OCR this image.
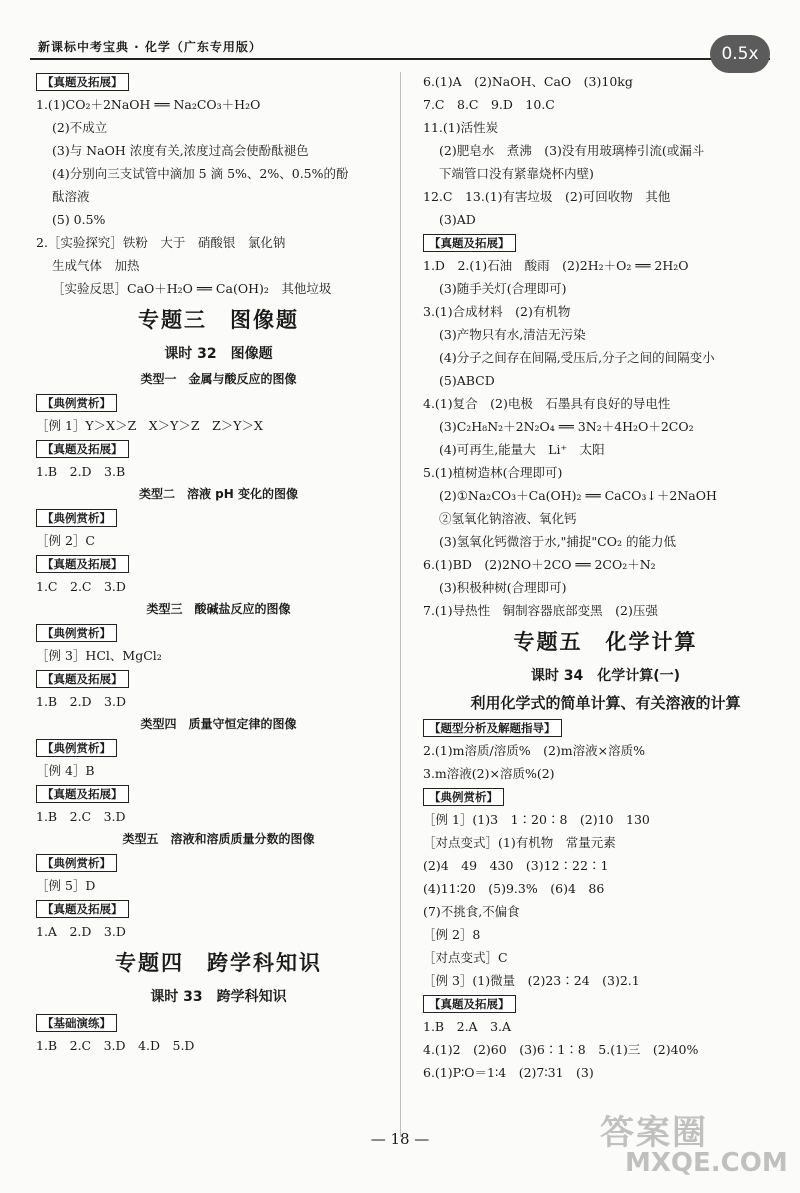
新课标中考宝典 · 化学（广东专用版）	0.5x
【真题及拓展】
1.(1)CO₂＋2NaOH ══ Na₂CO₃＋H₂O
(2)不成立
(3)与 NaOH 浓度有关,浓度过高会使酚酞褪色
(4)分别向三支试管中滴加 5 滴 5%、2%、0.5%的酚
酞溶液
(5) 0.5%
2.［实验探究］铁粉　大于　硝酸银　氯化钠
生成气体　加热
［实验反思］CaO＋H₂O ══ Ca(OH)₂　其他垃圾
专题三　图像题
课时 32　图像题
类型一　金属与酸反应的图像
【典例赏析】
［例 1］Y＞X＞Z　X＞Y＞Z　Z＞Y＞X
【真题及拓展】
1.B　2.D　3.B
类型二　溶液 pH 变化的图像
【典例赏析】
［例 2］C
【真题及拓展】
1.C　2.C　3.D
类型三　酸碱盐反应的图像
【典例赏析】
［例 3］HCl、MgCl₂
【真题及拓展】
1.B　2.D　3.D
类型四　质量守恒定律的图像
【典例赏析】
［例 4］B
【真题及拓展】
1.B　2.C　3.D
类型五　溶液和溶质质量分数的图像
【典例赏析】
［例 5］D
【真题及拓展】
1.A　2.D　3.D
专题四　跨学科知识
课时 33　跨学科知识
【基础演练】
1.B　2.C　3.D　4.D　5.D
6.(1)A　(2)NaOH、CaO　(3)10kg
7.C　8.C　9.D　10.C
11.(1)活性炭
(2)肥皂水　煮沸　(3)没有用玻璃棒引流(或漏斗
下端管口没有紧靠烧杯内壁)
12.C　13.(1)有害垃圾　(2)可回收物　其他
(3)AD
【真题及拓展】
1.D　2.(1)石油　酸雨　(2)2H₂＋O₂ ══ 2H₂O
(3)随手关灯(合理即可)
3.(1)合成材料　(2)有机物
(3)产物只有水,清洁无污染
(4)分子之间存在间隔,受压后,分子之间的间隔变小
(5)ABCD
4.(1)复合　(2)电极　石墨具有良好的导电性
(3)C₂H₈N₂＋2N₂O₄ ══ 3N₂＋4H₂O＋2CO₂
(4)可再生,能量大　Li⁺　太阳
5.(1)植树造林(合理即可)
(2)①Na₂CO₃＋Ca(OH)₂ ══ CaCO₃↓＋2NaOH
②氢氧化钠溶液、氧化钙
(3)氢氧化钙微溶于水,"捕捉"CO₂ 的能力低
6.(1)BD　(2)2NO＋2CO ══ 2CO₂＋N₂
(3)积极种树(合理即可)
7.(1)导热性　铜制容器底部变黑　(2)压强
专题五　化学计算
课时 34　化学计算(一)
利用化学式的简单计算、有关溶液的计算
【题型分析及解题指导】
2.(1)m溶质/溶质%　(2)m溶液×溶质%
3.m溶液(2)×溶质%(2)
【典例赏析】
［例 1］(1)3　1∶20∶8　(2)10　130
［对点变式］(1)有机物　常量元素
(2)4　49　430　(3)12∶22∶1
(4)11∶20　(5)9.3%　(6)4　86
(7)不挑食,不偏食
［例 2］8
［对点变式］C
［例 3］(1)微量　(2)23∶24　(3)2.1
【真题及拓展】
1.B　2.A　3.A
4.(1)2　(2)60　(3)6∶1∶8　5.(1)三　(2)40%
6.(1)P∶O＝1∶4　(2)7∶31　(3)
— 18 —	答案圈
MXQE.COM
